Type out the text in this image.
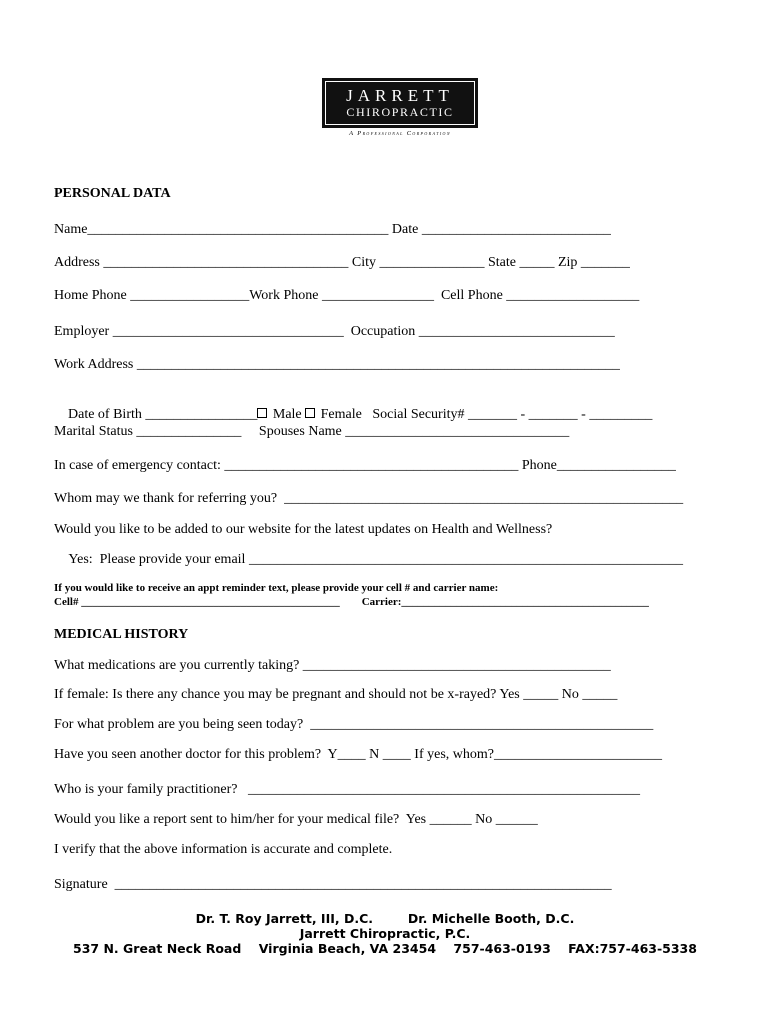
JARRETT
CHIROPRACTIC
A Professional Corporation
PERSONAL DATA
Name___________________________________________ Date ___________________________
Address ___________________________________ City _______________ State _____ Zip _______
Home Phone _________________Work Phone ________________  Cell Phone ___________________
Employer _________________________________  Occupation ____________________________
Work Address _____________________________________________________________________

Date of Birth ________________ Male  Female   Social Security# _______ - _______ - _________

Marital Status _______________     Spouses Name ________________________________
In case of emergency contact: __________________________________________ Phone_________________
Whom may we thank for referring you?  _________________________________________________________
Would you like to be added to our website for the latest updates on Health and Wellness?
Yes:  Please provide your email ______________________________________________________________
If you would like to receive an appt reminder text, please provide your cell # and carrier name:
Cell# _______________________________________________        Carrier:_____________________________________________
MEDICAL HISTORY
What medications are you currently taking? ____________________________________________
If female: Is there any chance you may be pregnant and should not be x-rayed? Yes _____ No _____
For what problem are you being seen today?  _________________________________________________
Have you seen another doctor for this problem?  Y____ N ____ If yes, whom?________________________
Who is your family practitioner?   ________________________________________________________
Would you like a report sent to him/her for your medical file?  Yes ______ No ______
I verify that the above information is accurate and complete.
Signature  _______________________________________________________________________
Dr. T. Roy Jarrett, III, D.C.        Dr. Michelle Booth, D.C.
Jarrett Chiropractic, P.C.
537 N. Great Neck Road    Virginia Beach, VA 23454    757-463-0193    FAX:757-463-5338
